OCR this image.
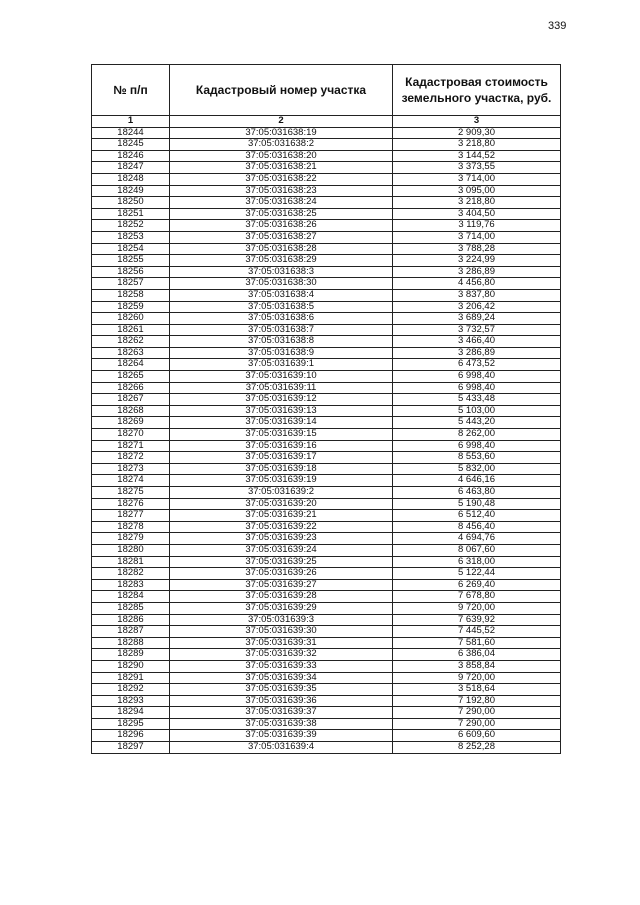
339
№ п/п	Кадастровый номер участка	Кадастровая стоимость земельного участка, руб.
1	2	3
18244	37:05:031638:19	2 909,30
18245	37:05:031638:2	3 218,80
18246	37:05:031638:20	3 144,52
18247	37:05:031638:21	3 373,55
18248	37:05:031638:22	3 714,00
18249	37:05:031638:23	3 095,00
18250	37:05:031638:24	3 218,80
18251	37:05:031638:25	3 404,50
18252	37:05:031638:26	3 119,76
18253	37:05:031638:27	3 714,00
18254	37:05:031638:28	3 788,28
18255	37:05:031638:29	3 224,99
18256	37:05:031638:3	3 286,89
18257	37:05:031638:30	4 456,80
18258	37:05:031638:4	3 837,80
18259	37:05:031638:5	3 206,42
18260	37:05:031638:6	3 689,24
18261	37:05:031638:7	3 732,57
18262	37:05:031638:8	3 466,40
18263	37:05:031638:9	3 286,89
18264	37:05:031639:1	6 473,52
18265	37:05:031639:10	6 998,40
18266	37:05:031639:11	6 998,40
18267	37:05:031639:12	5 433,48
18268	37:05:031639:13	5 103,00
18269	37:05:031639:14	5 443,20
18270	37:05:031639:15	8 262,00
18271	37:05:031639:16	6 998,40
18272	37:05:031639:17	8 553,60
18273	37:05:031639:18	5 832,00
18274	37:05:031639:19	4 646,16
18275	37:05:031639:2	6 463,80
18276	37:05:031639:20	5 190,48
18277	37:05:031639:21	6 512,40
18278	37:05:031639:22	8 456,40
18279	37:05:031639:23	4 694,76
18280	37:05:031639:24	8 067,60
18281	37:05:031639:25	6 318,00
18282	37:05:031639:26	5 122,44
18283	37:05:031639:27	6 269,40
18284	37:05:031639:28	7 678,80
18285	37:05:031639:29	9 720,00
18286	37:05:031639:3	7 639,92
18287	37:05:031639:30	7 445,52
18288	37:05:031639:31	7 581,60
18289	37:05:031639:32	6 386,04
18290	37:05:031639:33	3 858,84
18291	37:05:031639:34	9 720,00
18292	37:05:031639:35	3 518,64
18293	37:05:031639:36	7 192,80
18294	37:05:031639:37	7 290,00
18295	37:05:031639:38	7 290,00
18296	37:05:031639:39	6 609,60
18297	37:05:031639:4	8 252,28
